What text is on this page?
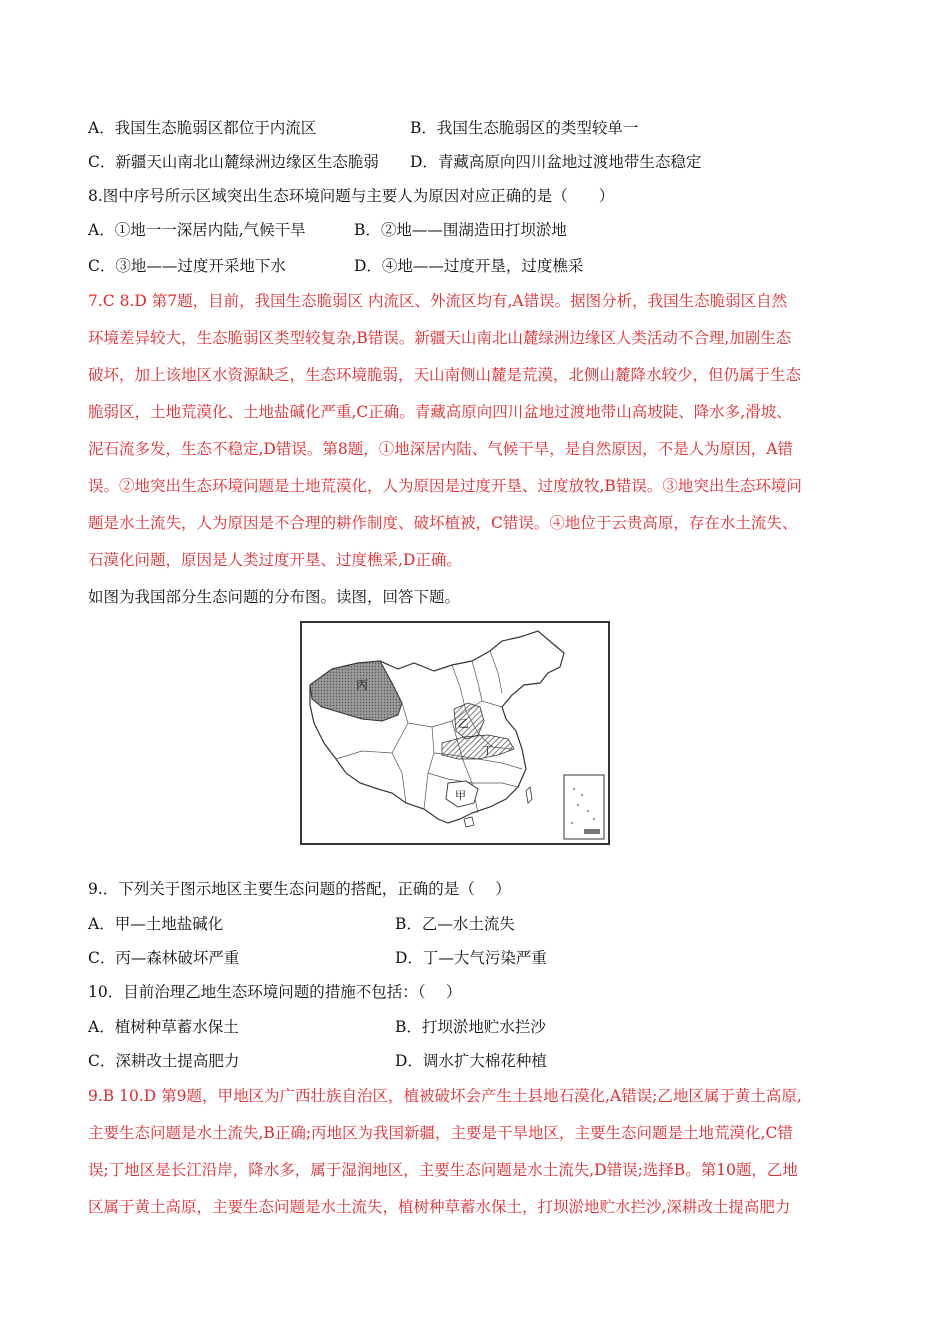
A．我国生态脆弱区都位于内流区	B．我国生态脆弱区的类型较单一
C．新疆天山南北山麓绿洲边缘区生态脆弱 D．青藏高原向四川盆地过渡地带生态稳定
8.图中序号所示区域突出生态环境问题与主要人为原因对应正确的是（　　）
A．①地一一深居内陆,气候干旱	B．②地——围湖造田打坝淤地
C．③地——过度开采地下水	D．④地——过度开垦，过度樵采
7.C 8.D 第7题，目前，我国生态脆弱区 内流区、外流区均有,A错误。据图分析，我国生态脆弱区自然
环境差异较大，生态脆弱区类型较复杂,B错误。新疆天山南北山麓绿洲边缘区人类活动不合理,加剧生态
破坏，加上该地区水资源缺乏，生态环境脆弱，天山南侧山麓是荒漠，北侧山麓降水较少，但仍属于生态
脆弱区，土地荒漠化、土地盐碱化严重,C正确。青藏高原向四川盆地过渡地带山高坡陡、降水多,滑坡、
泥石流多发，生态不稳定,D错误。第8题，①地深居内陆、气候干旱，是自然原因，不是人为原因，A错
误。②地突出生态环境问题是土地荒漠化，人为原因是过度开垦、过度放牧,B错误。③地突出生态环境问
题是水土流失，人为原因是不合理的耕作制度、破坏植被，C错误。④地位于云贵高原，存在水土流失、
石漠化问题，原因是人类过度开垦、过度樵采,D正确。
如图为我国部分生态问题的分布图。读图，回答下题。
丙
乙
丁
甲
9.．下列关于图示地区主要生态问题的搭配，正确的是（　 ）
A．甲—土地盐碱化	B．乙—水土流失
C．丙—森林破坏严重	D．丁—大气污染严重
10．目前治理乙地生态环境问题的措施不包括：（　 ）
A．植树种草蓄水保土	B．打坝淤地贮水拦沙
C．深耕改土提高肥力	D．调水扩大棉花种植
9.B 10.D 第9题，甲地区为广西壮族自治区，植被破坏会产生土县地石漠化,A错误;乙地区属于黄土高原,
主要生态问题是水土流失,B正确;丙地区为我国新疆，主要是干旱地区，主要生态问题是土地荒漠化,C错
误;丁地区是长江沿岸，降水多，属于湿润地区，主要生态问题是水土流失,D错误;选择B。第10题，乙地
区属于黄土高原，主要生态问题是水土流失，植树种草蓄水保土，打坝淤地贮水拦沙,深耕改土提高肥力
